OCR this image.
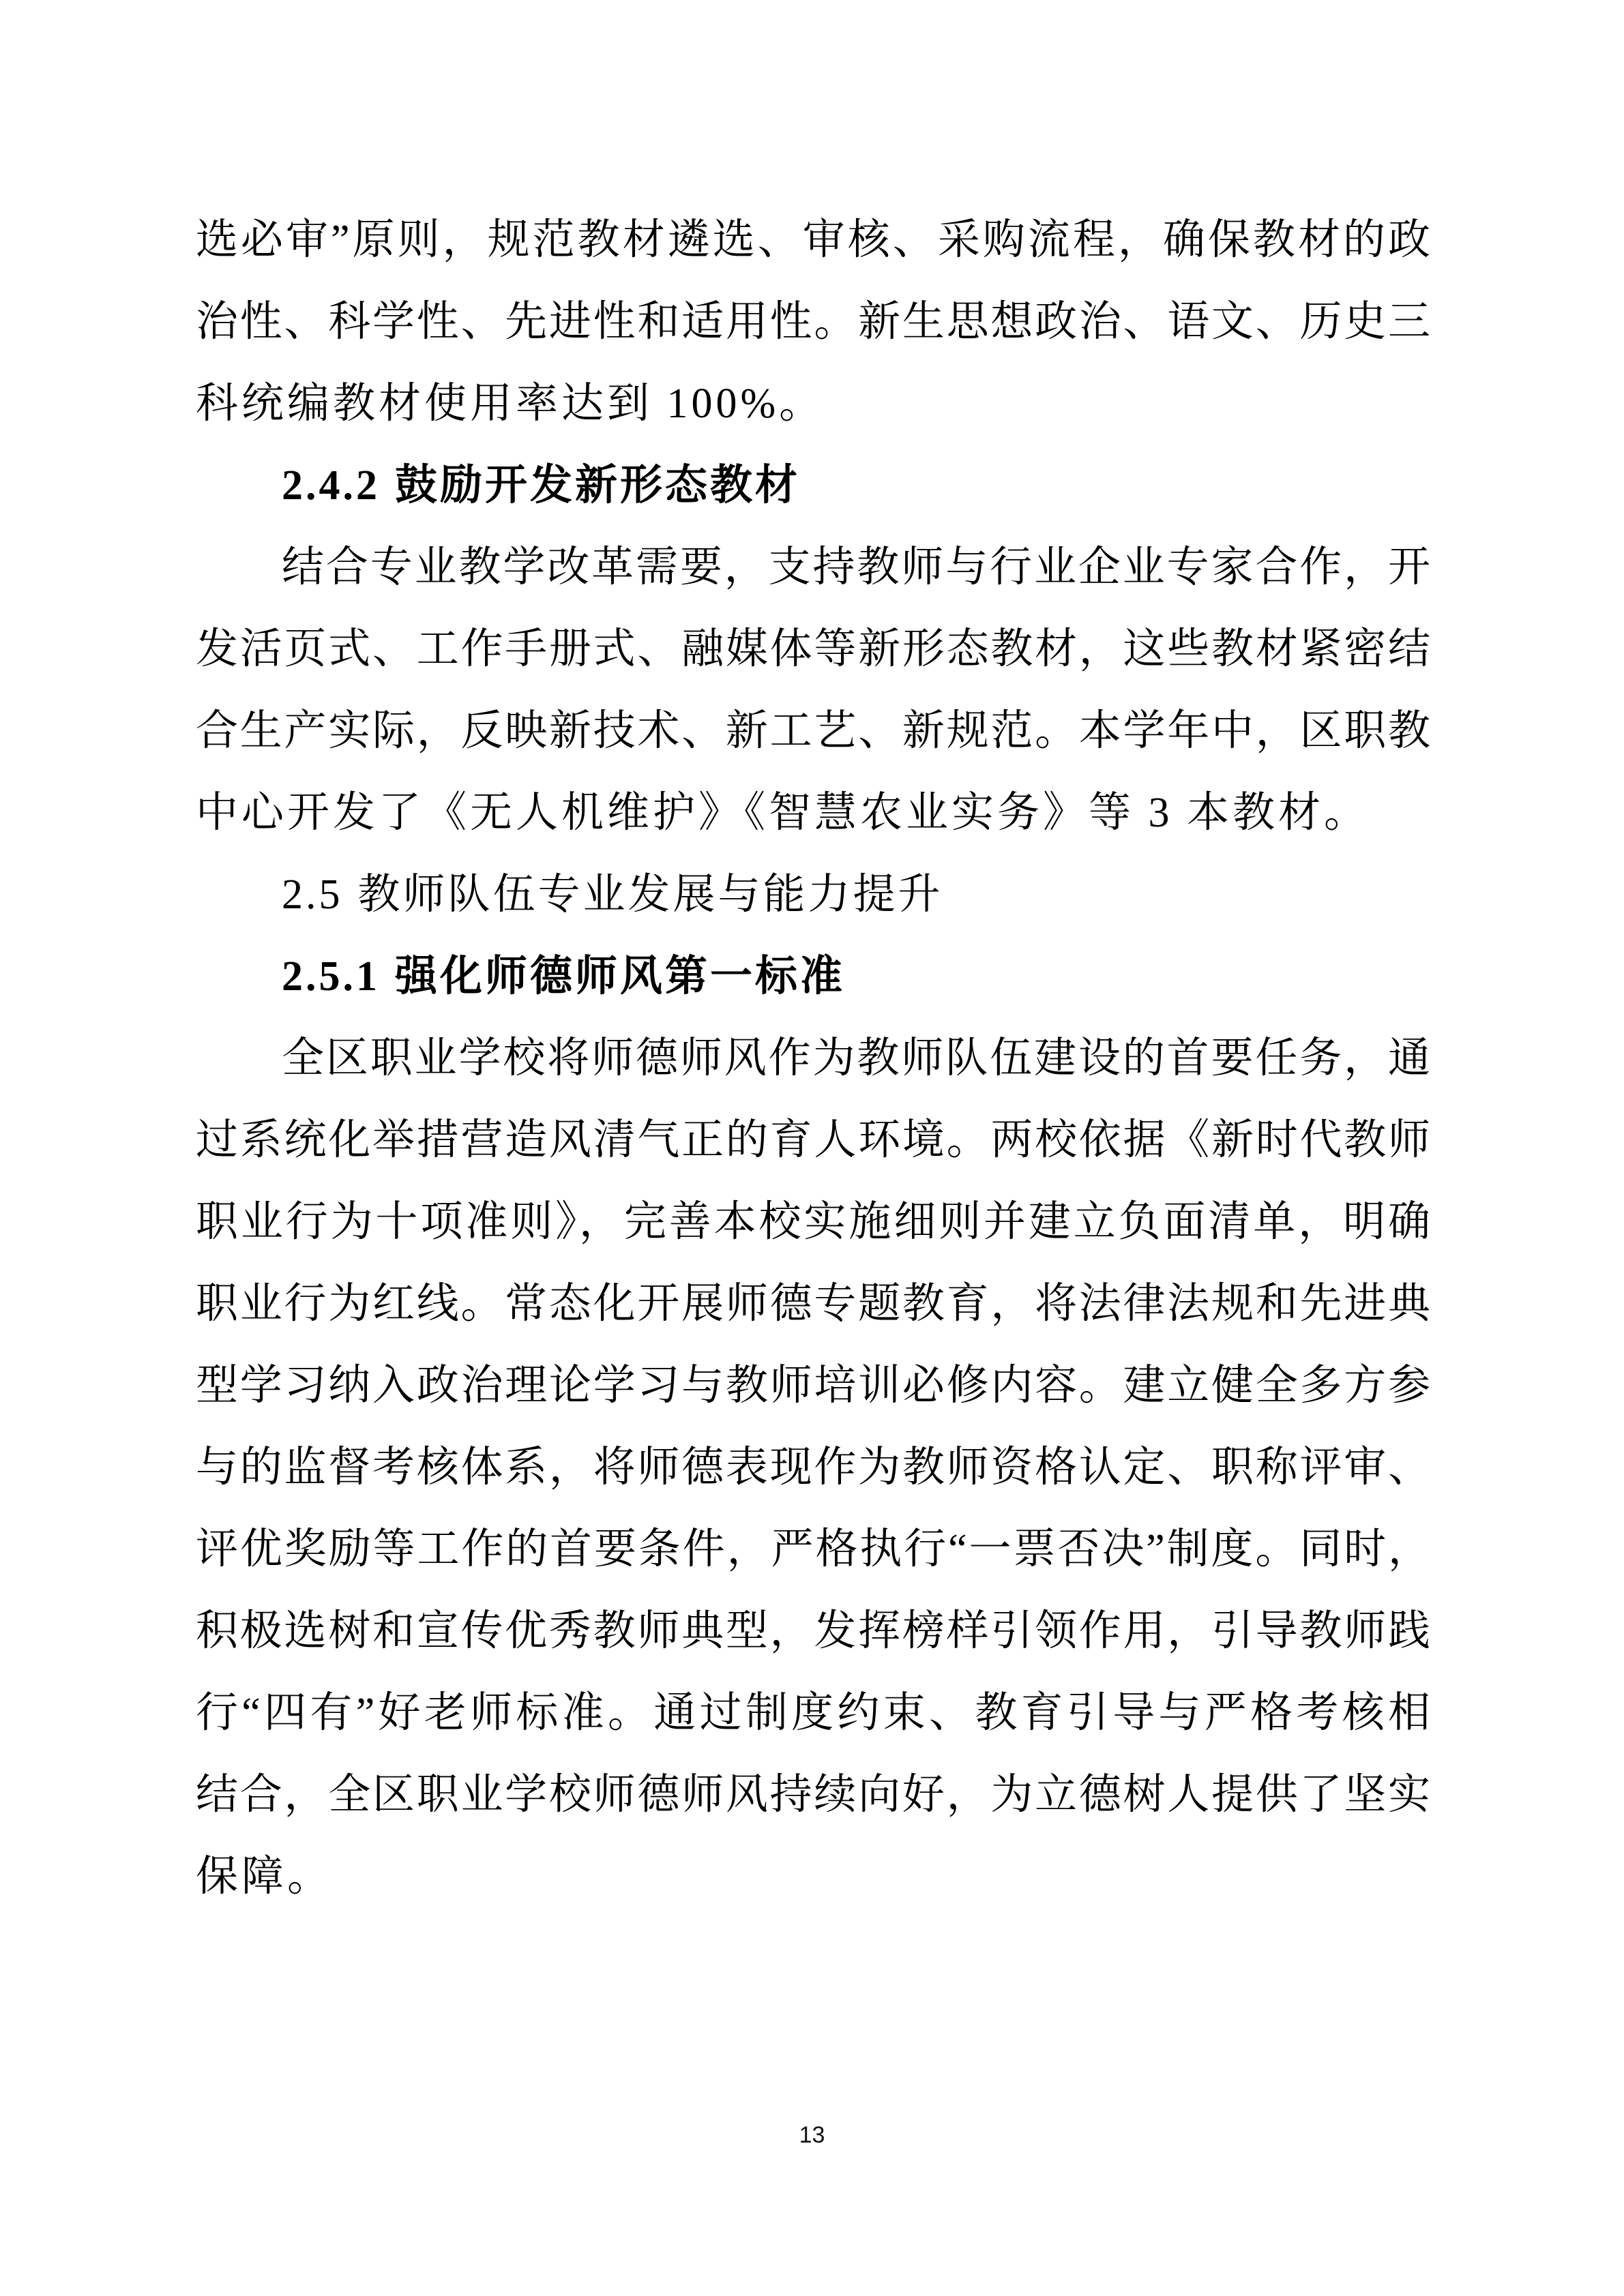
选必审”原则，规范教材遴选、审核、采购流程，确保教材的政
治性、科学性、先进性和适用性。新生思想政治、语文、历史三
科统编教材使用率达到 100%。
2.4.2 鼓励开发新形态教材
结合专业教学改革需要，支持教师与行业企业专家合作，开
发活页式、工作手册式、融媒体等新形态教材，这些教材紧密结
合生产实际，反映新技术、新工艺、新规范。本学年中，区职教
中心开发了《无人机维护》《智慧农业实务》等 3 本教材。
2.5 教师队伍专业发展与能力提升
2.5.1 强化师德师风第一标准
全区职业学校将师德师风作为教师队伍建设的首要任务，通
过系统化举措营造风清气正的育人环境。两校依据《新时代教师
职业行为十项准则》，完善本校实施细则并建立负面清单，明确
职业行为红线。常态化开展师德专题教育，将法律法规和先进典
型学习纳入政治理论学习与教师培训必修内容。建立健全多方参
与的监督考核体系，将师德表现作为教师资格认定、职称评审、
评优奖励等工作的首要条件，严格执行“一票否决”制度。同时，
积极选树和宣传优秀教师典型，发挥榜样引领作用，引导教师践
行“四有”好老师标准。通过制度约束、教育引导与严格考核相
结合，全区职业学校师德师风持续向好，为立德树人提供了坚实
保障。
13
